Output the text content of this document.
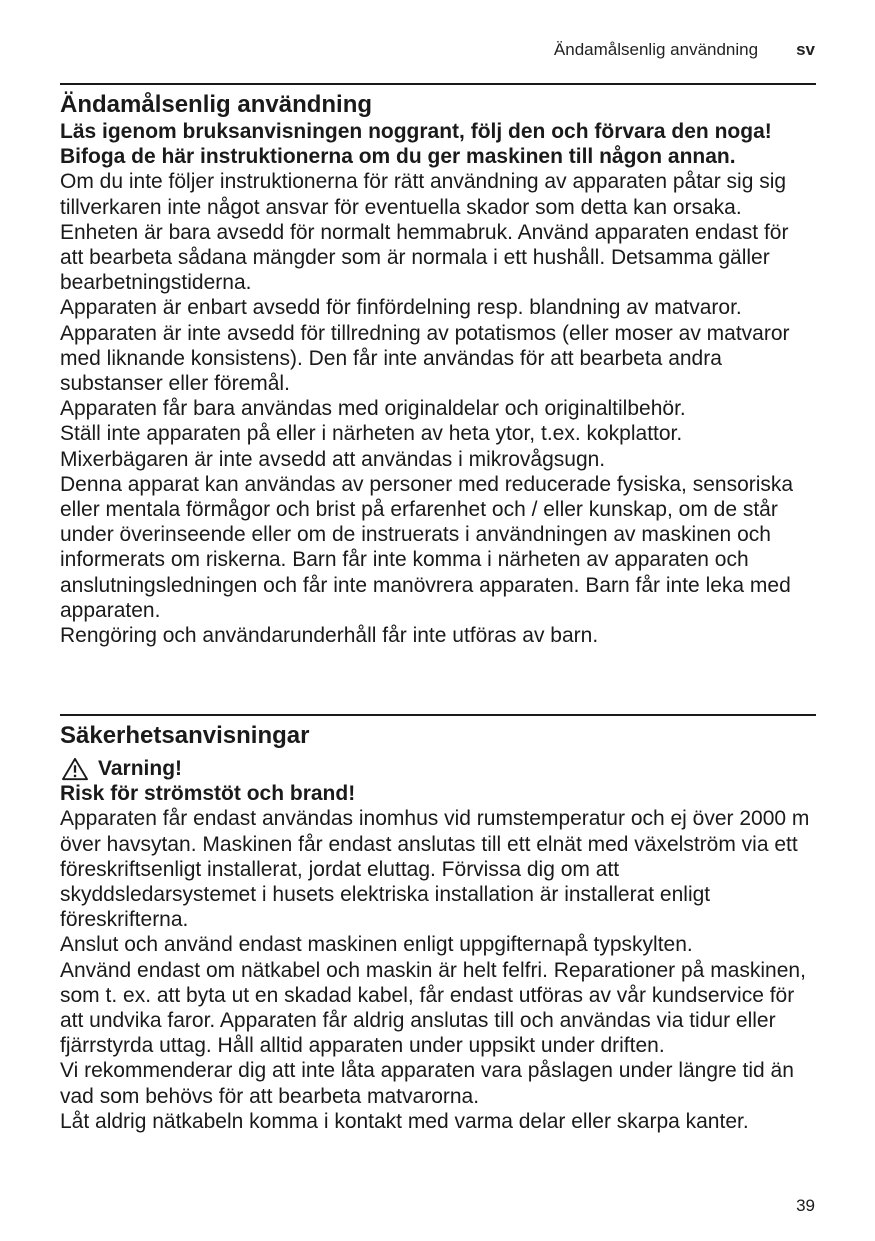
Ändamålsenlig användning sv
Ändamålsenlig användning

Läs igenom bruksanvisningen noggrant, följ den och förvara den noga! Bifoga de här instruktionerna om du ger maskinen till någon annan.

Om du inte följer instruktionerna för rätt användning av apparaten påtar sig sig tillverkaren inte något ansvar för eventuella skador som detta kan orsaka.

Enheten är bara avsedd för normalt hemmabruk. Använd apparaten endast för att bearbeta sådana mängder som är normala i ett hushåll. Detsamma gäller bearbetningstiderna.

Apparaten är enbart avsedd för finfördelning resp. blandning av matvaror. Apparaten är inte avsedd för tillredning av potatismos (eller moser av matvaror med liknande konsistens). Den får inte användas för att bearbeta andra substanser eller föremål.

Apparaten får bara användas med originaldelar och originaltilbehör.

Ställ inte apparaten på eller i närheten av heta ytor, t.ex. kokplattor.

Mixerbägaren är inte avsedd att användas i mikrovågsugn.

Denna apparat kan användas av personer med reducerade fysiska, sensoriska eller mentala förmågor och brist på erfarenhet och / eller kunskap, om de står under överinseende eller om de instruerats i användningen av maskinen och informerats om riskerna. Barn får inte komma i närheten av apparaten och anslutningsledningen och får inte manövrera apparaten. Barn får inte leka med apparaten.

Rengöring och användarunderhåll får inte utföras av barn.

Säkerhetsanvisningar
Varning!

Risk för strömstöt och brand!

Apparaten får endast användas inomhus vid rumstemperatur och ej över 2000 m över havsytan. Maskinen får endast anslutas till ett elnät med växelström via ett föreskriftsenligt installerat, jordat eluttag. Förvissa dig om att skyddsledarsystemet i husets elektriska installation är installerat enligt föreskrifterna.

Anslut och använd endast maskinen enligt uppgifternapå typskylten.

Använd endast om nätkabel och maskin är helt felfri. Reparationer på maskinen, som t. ex. att byta ut en skadad kabel, får endast utföras av vår kundservice för att undvika faror. Apparaten får aldrig anslutas till och användas via tidur eller fjärrstyrda uttag. Håll alltid apparaten under uppsikt under driften.

Vi rekommenderar dig att inte låta apparaten vara påslagen under längre tid än vad som behövs för att bearbeta matvarorna.

Låt aldrig nätkabeln komma i kontakt med varma delar eller skarpa kanter.

39
